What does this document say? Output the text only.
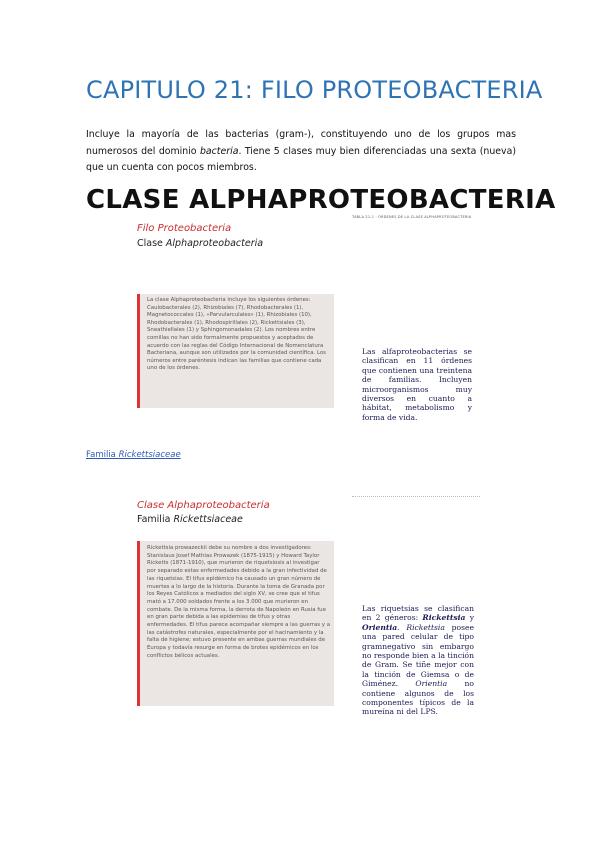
CAPITULO 21: FILO PROTEOBACTERIA
Incluye la mayoría de las bacterias (gram-), constituyendo uno de los grupos mas numerosos del dominio bacteria. Tiene 5 clases muy bien diferenciadas una sexta (nueva) que un cuenta con pocos miembros.
CLASE ALPHAPROTEOBACTERIA
TABLA 21-1 · ORDENES DE LA CLASE ALPHAPROTEOBACTERIA
Filo Proteobacteria
Clase Alphaproteobacteria
La clase Alphaproteobacteria incluye los siguientes órdenes: Caulobacterales (2), Rhizobiales (7), Rhodobacterales (1), Magnetococcales (1), «Parvularculales» (1), Rhizobiales (10), Rhodobacterales (1), Rhodospirillales (2), Rickettsiales (3), Sneathiellales (1) y Sphingomonadales (2). Los nombres entre comillas no han sido formalmente propuestos y aceptados de acuerdo con las reglas del Código Internacional de Nomenclatura Bacteriana, aunque son utilizados por la comunidad científica. Los números entre paréntesis indican las familias que contiene cada uno de los órdenes.
Las alfaproteobacterias se clasifican en 11 órdenes que contienen una treintena de familias. Incluyen microorganismos muy diversos en cuanto a hábitat, metabolismo y forma de vida.
Familia Rickettsiaceae
Clase Alphaproteobacteria
Familia Rickettsiaceae
Rickettsia prowazeckii debe su nombre a dos investigadores: Stanislaus Josef Mathias Prowazek (1875-1915) y Howard Taylor Ricketts (1871-1910), que murieron de riquetsiosis al investigar por separado estas enfermedades debido a la gran infectividad de las riquetsias. El tifus epidémico ha causado un gran número de muertes a lo largo de la historia. Durante la toma de Granada por los Reyes Católicos a mediados del siglo XV, se cree que el tifus mató a 17.000 soldados frente a los 3.000 que murieron en combate. De la misma forma, la derrota de Napoleón en Rusia fue en gran parte debida a las epidemias de tifus y otras enfermedades. El tifus parece acompañar siempre a las guerras y a las catástrofes naturales, especialmente por el hacinamiento y la falta de higiene; estuvo presente en ambas guerras mundiales de Europa y todavía resurge en forma de brotes epidémicos en los conflictos bélicos actuales.
Las riquetsias se clasifican en 2 géneros: Rickettsia y Orientia. Rickettsia posee una pared celular de tipo gramnegativo sin embargo no responde bien a la tinción de Gram. Se tiñe mejor con la tinción de Giemsa o de Giménez. Orientia no contiene algunos de los componentes típicos de la mureína ni del LPS.
